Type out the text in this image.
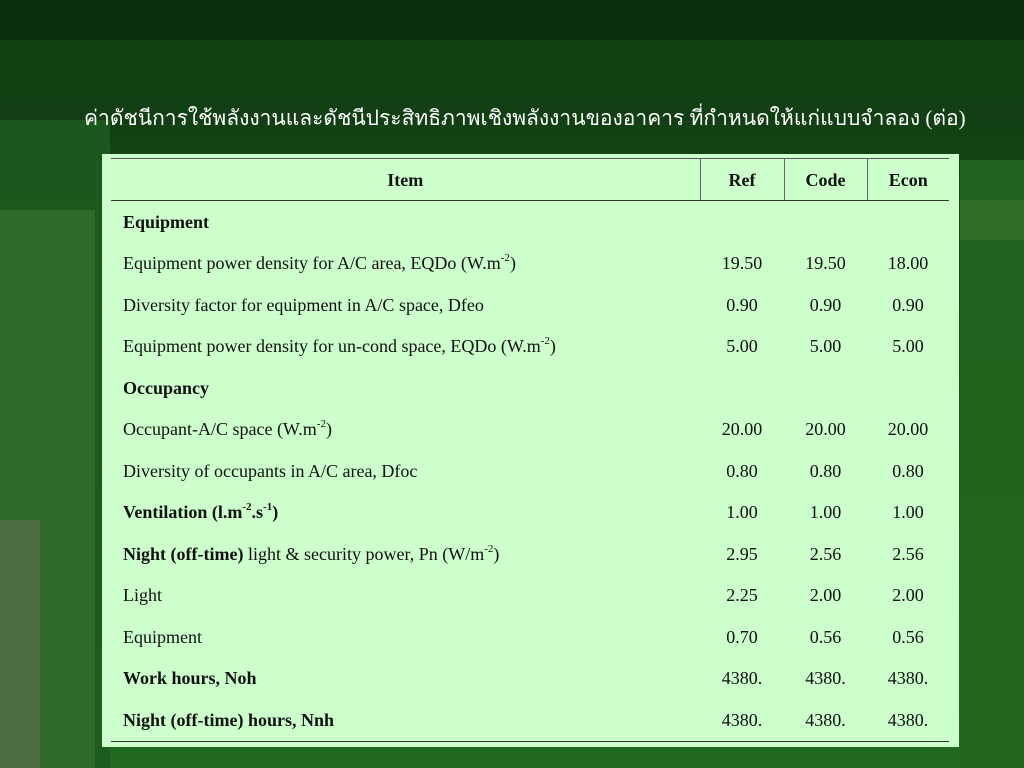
ค่าดัชนีการใช้พลังงานและดัชนีประสิทธิภาพเชิงพลังงานของอาคาร ที่กำหนดให้แก่แบบจำลอง (ต่อ)
Item	Ref	Code	Econ
Equipment			
Equipment power density for A/C area, EQDo $(W.m^{-2})$	19.50	19.50	18.00
Diversity factor for equipment in A/C space, Dfeo	0.90	0.90	0.90
Equipment power density for un-cond space, EQDo $(W.m^{-2})$	5.00	5.00	5.00
Occupancy			
Occupant-A/C space $(W.m^{-2})$	20.00	20.00	20.00
Diversity of occupants in A/C area, Dfoc	0.80	0.80	0.80
Ventilation $(l.m^{-2}.s^{-1})$	1.00	1.00	1.00
Night (off-time) light & security power, Pn $(W/m^{-2})$	2.95	2.56	2.56
Light	2.25	2.00	2.00
Equipment	0.70	0.56	0.56
Work hours, Noh	4380.	4380.	4380.
Night (off-time) hours, Nnh	4380.	4380.	4380.
